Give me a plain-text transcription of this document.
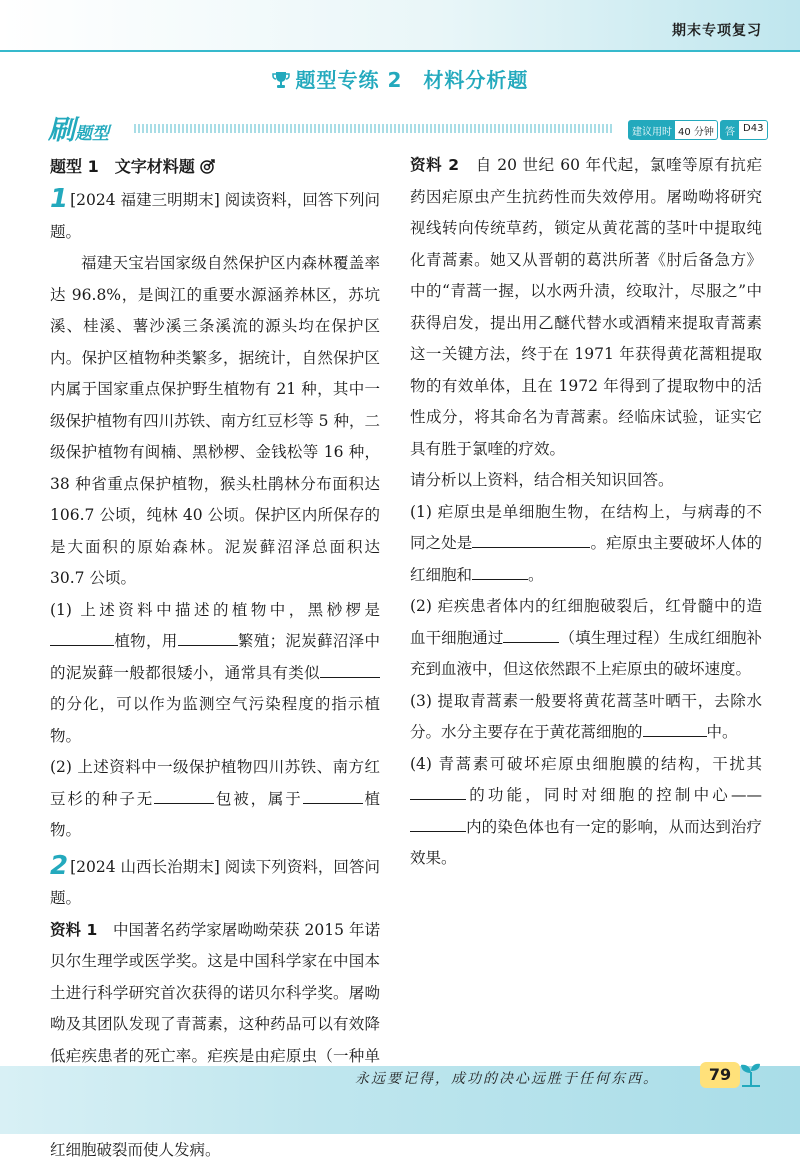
期末专项复习
题型专练 2　材料分析题
刷题型	建议用时 40 分钟	答案
D43

题型 1　文字材料题

1 [2024 福建三明期末] 阅读资料，回答下列问题。

福建天宝岩国家级自然保护区内森林覆盖率达 96.8%，是闽江的重要水源涵养林区，苏坑溪、桂溪、薯沙溪三条溪流的源头均在保护区内。保护区植物种类繁多，据统计，自然保护区内属于国家重点保护野生植物有 21 种，其中一级保护植物有四川苏铁、南方红豆杉等 5 种，二级保护植物有闽楠、黑桫椤、金钱松等 16 种，38 种省重点保护植物，猴头杜鹃林分布面积达 106.7 公顷，纯林 40 公顷。保护区内所保存的是大面积的原始森林。泥炭藓沼泽总面积达 30.7 公顷。

(1) 上述资料中描述的植物中，黑桫椤是植物，用	繁殖；泥炭藓沼泽中的泥炭藓一般都很矮小，通常具有类似的分化，可以作为监测空气污染程度的指示植物。

(2) 上述资料中一级保护植物四川苏铁、南方红豆杉的种子无	包被，属于	植物。

2 [2024 山西长治期末] 阅读下列资料，回答问题。

资料 1　 中国著名药学家屠呦呦荣获 2015 年诺贝尔生理学或医学奖。这是中国科学家在中国本土进行科学研究首次获得的诺贝尔科学奖。屠呦呦及其团队发现了青蒿素，这种药品可以有效降低疟疾患者的死亡率。疟疾是由疟原虫（一种单 红细胞破裂而使人发病。

资料 2　 自 20 世纪 60 年代起，氯喹等原有抗疟药因疟原虫产生抗药性而失效停用。屠呦呦将研究视线转向传统草药，锁定从黄花蒿的茎叶中提取纯化青蒿素。她又从晋朝的葛洪所著《肘后备急方》中的“青蒿一握，以水两升渍，绞取汁，尽服之”中获得启发，提出用乙醚代替水或酒精来提取青蒿素这一关键方法，终于在 1971 年获得黄花蒿粗提取物的有效单体，且在 1972 年得到了提取物中的活性成分，将其命名为青蒿素。经临床试验，证实它具有胜于氯喹的疗效。

请分析以上资料，结合相关知识回答。

(1) 疟原虫是单细胞生物，在结构上，与病毒的不同之处是	。疟原虫主要破坏人体的红细胞和	。

(2) 疟疾患者体内的红细胞破裂后，红骨髓中的造血干细胞通过	（填生理过程）生成红细胞补充到血液中，但这依然跟不上疟原虫的破坏速度。

(3) 提取青蒿素一般要将黄花蒿茎叶晒干，去除水分。水分主要存在于黄花蒿细胞的	中。

(4) 青蒿素可破坏疟原虫细胞膜的结构，干扰其的功能，同时对细胞的控制中心——内的染色体也有一定的影响，从而达到治疗效果。

永远要记得，成功的决心远胜于任何东西。	79
